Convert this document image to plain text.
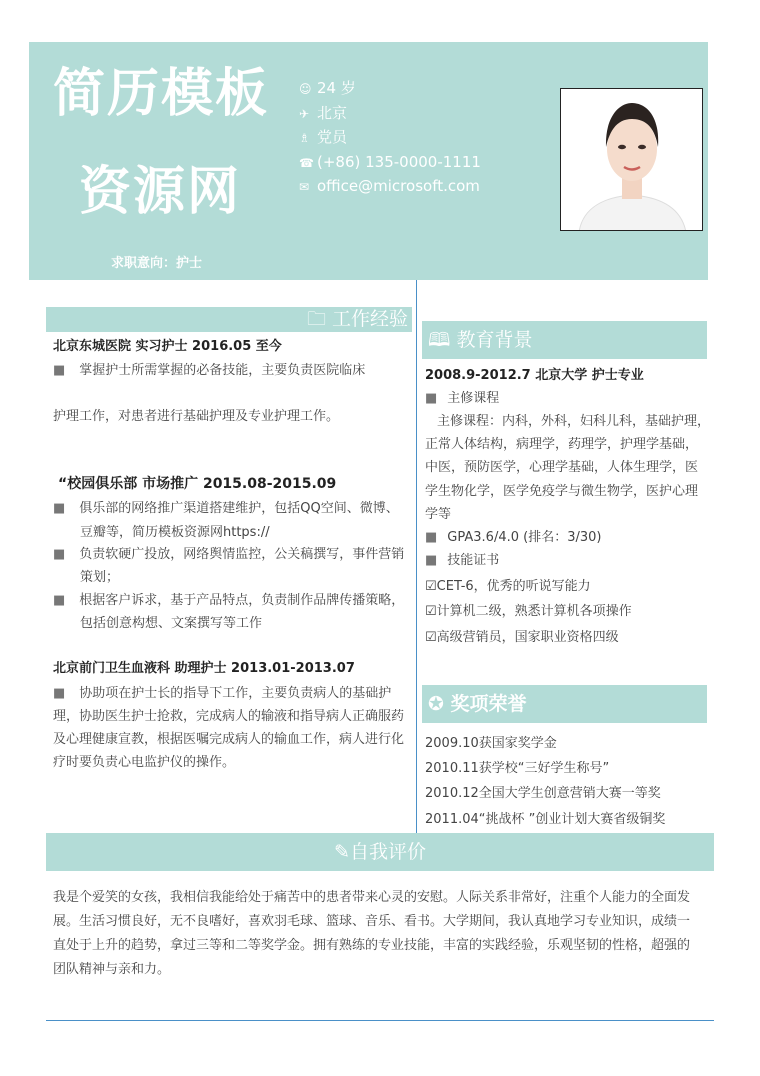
简历模板
资源网
☺ 24 岁
✈ 北京
♗ 党员
☎ (+86) 135-0000-1111
✉ office@microsoft.com
求职意向：护士
🗀 工作经验
北京东城医院 实习护士 2016.05 至今
■ 掌握护士所需掌握的必备技能，主要负责医院临床
护理工作，对患者进行基础护理及专业护理工作。
“校园俱乐部 市场推广 2015.08-2015.09
■ 俱乐部的网络推广渠道搭建维护，包括QQ空间、微博、
豆瓣等，简历模板资源网https://
■ 负责软硬广投放，网络舆情监控，公关稿撰写，事件营销
策划；
■ 根据客户诉求，基于产品特点，负责制作品牌传播策略，
包括创意构想、文案撰写等工作
北京前门卫生血液科 助理护士 2013.01-2013.07
■ 协助项在护士长的指导下工作，主要负责病人的基础护
理，协助医生护士抢救，完成病人的输液和指导病人正确服药
及心理健康宣教，根据医嘱完成病人的输血工作，病人进行化
疗时要负责心电监护仪的操作。
🕮 教育背景
2008.9-2012.7 北京大学 护士专业
■ 主修课程
主修课程：内科，外科，妇科儿科，基础护理，
正常人体结构，病理学，药理学，护理学基础，
中医，预防医学，心理学基础，人体生理学，医
学生物化学，医学免疫学与微生物学，医护心理
学等
■ GPA3.6/4.0 (排名：3/30)
■ 技能证书
☑CET-6，优秀的听说写能力
☑计算机二级，熟悉计算机各项操作
☑高级营销员，国家职业资格四级
✪ 奖项荣誉
2009.10获国家奖学金
2010.11获学校“三好学生称号”
2010.12全国大学生创意营销大赛一等奖
2011.04“挑战杯 ”创业计划大赛省级铜奖
✎自我评价
我是个爱笑的女孩，我相信我能给处于痛苦中的患者带来心灵的安慰。人际关系非常好，注重个人能力的全面发
展。生活习惯良好，无不良嗜好，喜欢羽毛球、篮球、音乐、看书。大学期间，我认真地学习专业知识，成绩一
直处于上升的趋势，拿过三等和二等奖学金。拥有熟练的专业技能，丰富的实践经验，乐观坚韧的性格，超强的
团队精神与亲和力。
